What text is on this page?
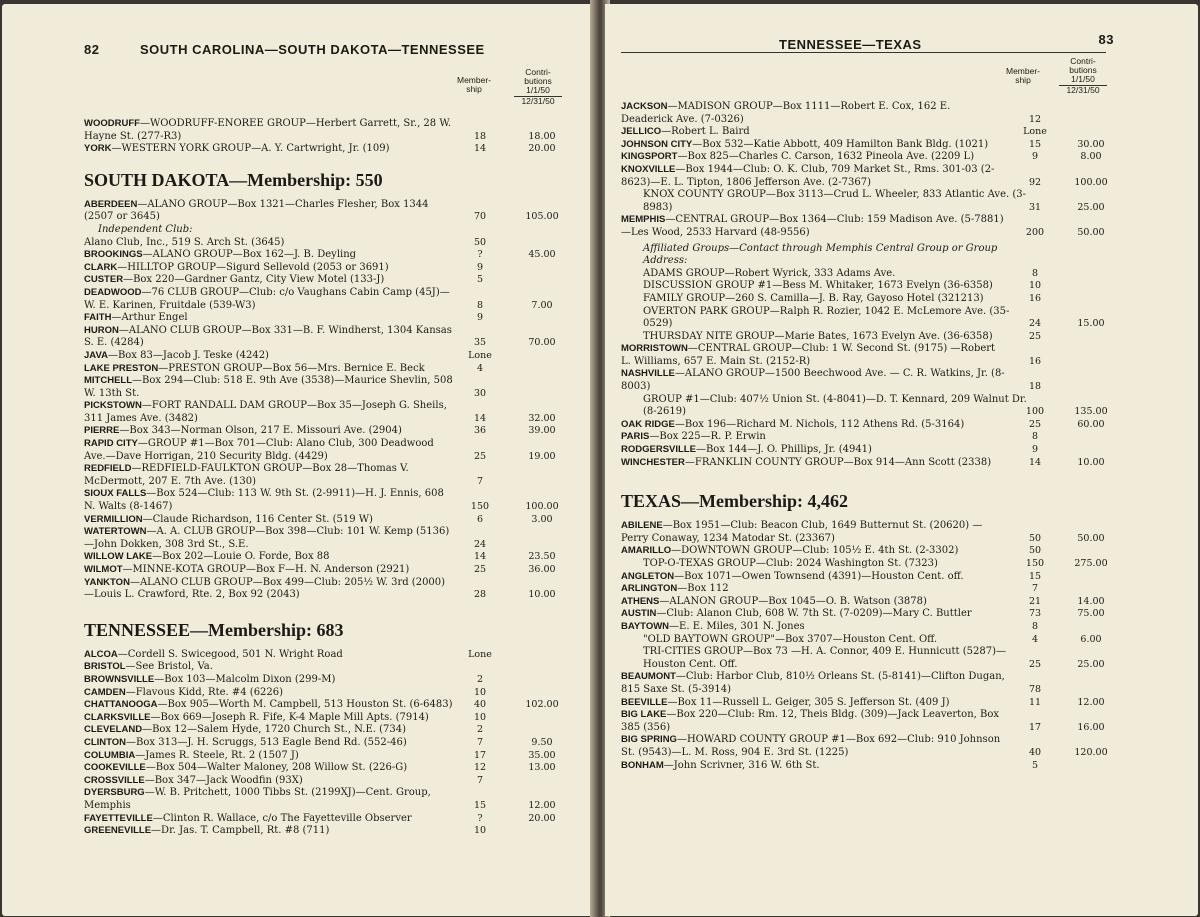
82	SOUTH CAROLINA—SOUTH DAKOTA—TENNESSEE
Member-ship
Contri-butions 1/1/50
12/31/50
WOODRUFF—WOODRUFF-ENOREE GROUP—Herbert Garrett, Sr., 28 W. Hayne St. (277-R3)	18	18.00
YORK—WESTERN YORK GROUP—A. Y. Cartwright, Jr. (109)	14	20.00
SOUTH DAKOTA—Membership: 550
ABERDEEN—ALANO GROUP—Box 1321—Charles Flesher, Box 1344 (2507 or 3645)	70	105.00
Independent Club:
Alano Club, Inc., 519 S. Arch St. (3645)	50
BROOKINGS—ALANO GROUP—Box 162—J. B. Deyling	?	45.00
CLARK—HILLTOP GROUP—Sigurd Sellevold (2053 or 3691)	9
CUSTER—Box 220—Gardner Gantz, City View Motel (133-J)	5
DEADWOOD—76 CLUB GROUP—Club: c/o Vaughans Cabin Camp (45J)—W. E. Karinen, Fruitdale (539-W3)	8	7.00
FAITH—Arthur Engel	9
HURON—ALANO CLUB GROUP—Box 331—B. F. Windherst, 1304 Kansas S. E. (4284)	35	70.00
JAVA—Box 83—Jacob J. Teske (4242)	Lone
LAKE PRESTON—PRESTON GROUP—Box 56—Mrs. Bernice E. Beck	4
MITCHELL—Box 294—Club: 518 E. 9th Ave (3538)—Maurice Shevlin, 508 W. 13th St.	30
PICKSTOWN—FORT RANDALL DAM GROUP—Box 35—Joseph G. Sheils, 311 James Ave. (3482)	14	32.00
PIERRE—Box 343—Norman Olson, 217 E. Missouri Ave. (2904)	36	39.00
RAPID CITY—GROUP #1—Box 701—Club: Alano Club, 300 Deadwood Ave.—Dave Horrigan, 210 Security Bldg. (4429)	25	19.00
REDFIELD—REDFIELD-FAULKTON GROUP—Box 28—Thomas V. McDermott, 207 E. 7th Ave. (130)	7
SIOUX FALLS—Box 524—Club: 113 W. 9th St. (2-9911)—H. J. Ennis, 608 N. Walts (8-1467)	150	100.00
VERMILLION—Claude Richardson, 116 Center St. (519 W)	6	3.00
WATERTOWN—A. A. CLUB GROUP—Box 398—Club: 101 W. Kemp (5136)—John Dokken, 308 3rd St., S.E.	24
WILLOW LAKE—Box 202—Louie O. Forde, Box 88	14	23.50
WILMOT—MINNE-KOTA GROUP—Box F—H. N. Anderson (2921)	25	36.00
YANKTON—ALANO CLUB GROUP—Box 499—Club: 205½ W. 3rd (2000)—Louis L. Crawford, Rte. 2, Box 92 (2043)	28	10.00
TENNESSEE—Membership: 683
ALCOA—Cordell S. Swicegood, 501 N. Wright Road	Lone
BRISTOL—See Bristol, Va.
BROWNSVILLE—Box 103—Malcolm Dixon (299-M)	2
CAMDEN—Flavous Kidd, Rte. #4 (6226)	10
CHATTANOOGA—Box 905—Worth M. Campbell, 513 Houston St. (6-6483)	40	102.00
CLARKSVILLE—Box 669—Joseph R. Fife, K-4 Maple Mill Apts. (7914)	10
CLEVELAND—Box 12—Salem Hyde, 1720 Church St., N.E. (734)	2
CLINTON—Box 313—J. H. Scruggs, 513 Eagle Bend Rd. (552-46)	7	9.50
COLUMBIA—James R. Steele, Rt. 2 (1507 J)	17	35.00
COOKEVILLE—Box 504—Walter Maloney, 208 Willow St. (226-G)	12	13.00
CROSSVILLE—Box 347—Jack Woodfin (93X)	7
DYERSBURG—W. B. Pritchett, 1000 Tibbs St. (2199XJ)—Cent. Group, Memphis	15	12.00
FAYETTEVILLE—Clinton R. Wallace, c/o The Fayetteville Observer	?	20.00
GREENEVILLE—Dr. Jas. T. Campbell, Rt. #8 (711)	10
TENNESSEE—TEXAS	83
Member-ship
Contri-butions 1/1/50
12/31/50
JACKSON—MADISON GROUP—Box 1111—Robert E. Cox, 162 E. Deaderick Ave. (7-0326)	12
JELLICO—Robert L. Baird	Lone
JOHNSON CITY—Box 532—Katie Abbott, 409 Hamilton Bank Bldg. (1021)	15	30.00
KINGSPORT—Box 825—Charles C. Carson, 1632 Pineola Ave. (2209 L)	9	8.00
KNOXVILLE—Box 1944—Club: O. K. Club, 709 Market St., Rms. 301-03 (2-8623)—E. L. Tipton, 1806 Jefferson Ave. (2-7367)	92	100.00
KNOX COUNTY GROUP—Box 3113—Crud L. Wheeler, 833 Atlantic Ave. (3-8983)	31	25.00
MEMPHIS—CENTRAL GROUP—Box 1364—Club: 159 Madison Ave. (5-7881)—Les Wood, 2533 Harvard (48-9556)	200	50.00
Affiliated Groups—Contact through Memphis Central Group or Group Address:
ADAMS GROUP—Robert Wyrick, 333 Adams Ave.	8
DISCUSSION GROUP #1—Bess M. Whitaker, 1673 Evelyn (36-6358)	10
FAMILY GROUP—260 S. Camilla—J. B. Ray, Gayoso Hotel (321213)	16
OVERTON PARK GROUP—Ralph R. Rozier, 1042 E. McLemore Ave. (35-0529)	24	15.00
THURSDAY NITE GROUP—Marie Bates, 1673 Evelyn Ave. (36-6358)	25
MORRISTOWN—CENTRAL GROUP—Club: 1 W. Second St. (9175) —Robert L. Williams, 657 E. Main St. (2152-R)	16
NASHVILLE—ALANO GROUP—1500 Beechwood Ave. — C. R. Watkins, Jr. (8-8003)	18
GROUP #1—Club: 407½ Union St. (4-8041)—D. T. Kennard, 209 Walnut Dr. (8-2619)	100	135.00
OAK RIDGE—Box 196—Richard M. Nichols, 112 Athens Rd. (5-3164)	25	60.00
PARIS—Box 225—R. P. Erwin	8
RODGERSVILLE—Box 144—J. O. Phillips, Jr. (4941)	9
WINCHESTER—FRANKLIN COUNTY GROUP—Box 914—Ann Scott (2338)	14	10.00
TEXAS—Membership: 4,462
ABILENE—Box 1951—Club: Beacon Club, 1649 Butternut St. (20620) —Perry Conaway, 1234 Matodar St. (23367)	50	50.00
AMARILLO—DOWNTOWN GROUP—Club: 105½ E. 4th St. (2-3302)	50
TOP-O-TEXAS GROUP—Club: 2024 Washington St. (7323)	150	275.00
ANGLETON—Box 1071—Owen Townsend (4391)—Houston Cent. off.	15
ARLINGTON—Box 112	7
ATHENS—ALANON GROUP—Box 1045—O. B. Watson (3878)	21	14.00
AUSTIN—Club: Alanon Club, 608 W. 7th St. (7-0209)—Mary C. Buttler	73	75.00
BAYTOWN—E. E. Miles, 301 N. Jones	8
"OLD BAYTOWN GROUP"—Box 3707—Houston Cent. Off.	4	6.00
TRI-CITIES GROUP—Box 73 —H. A. Connor, 409 E. Hunnicutt (5287)—Houston Cent. Off.	25	25.00
BEAUMONT—Club: Harbor Club, 810½ Orleans St. (5-8141)—Clifton Dugan, 815 Saxe St. (5-3914)	78
BEEVILLE—Box 11—Russell L. Geiger, 305 S. Jefferson St. (409 J)	11	12.00
BIG LAKE—Box 220—Club: Rm. 12, Theis Bldg. (309)—Jack Leaverton, Box 385 (356)	17	16.00
BIG SPRING—HOWARD COUNTY GROUP #1—Box 692—Club: 910 Johnson St. (9543)—L. M. Ross, 904 E. 3rd St. (1225)	40	120.00
BONHAM—John Scrivner, 316 W. 6th St.	5
